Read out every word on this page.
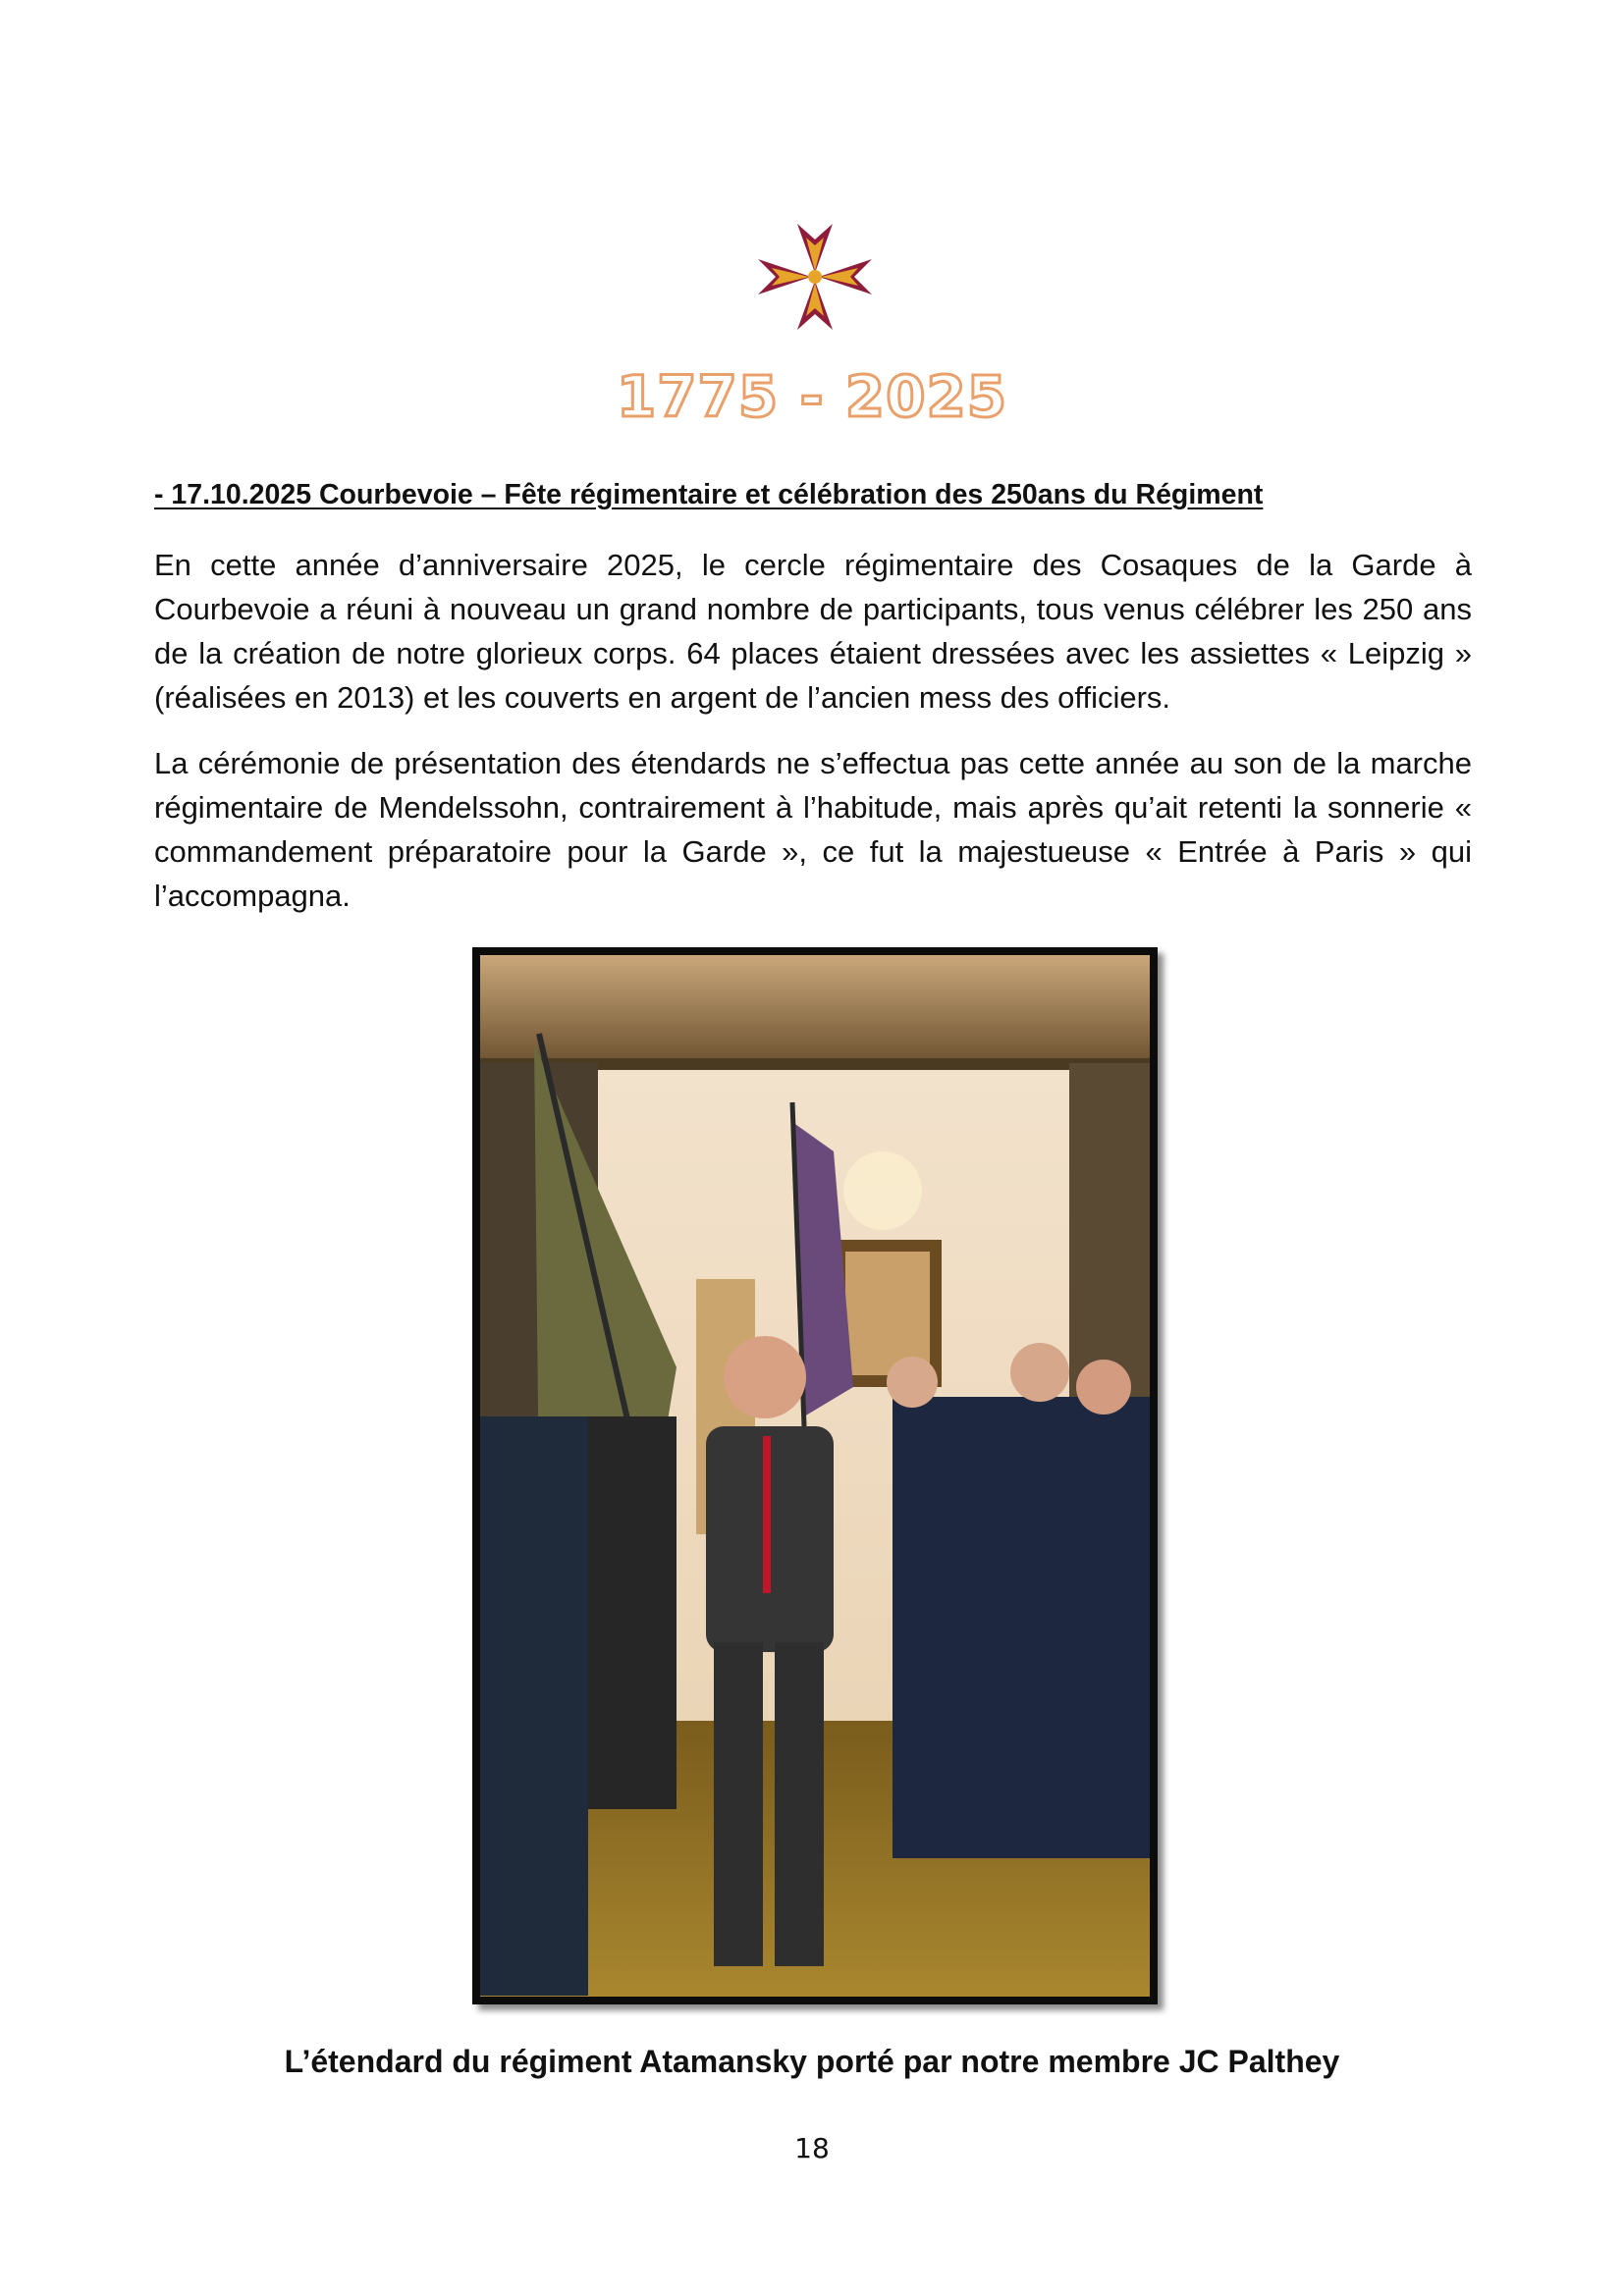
1775 - 2025
- 17.10.2025 Courbevoie – Fête régimentaire et célébration des 250ans du Régiment

En cette année d’anniversaire 2025, le cercle régimentaire des Cosaques de la Garde à Courbevoie a réuni à nouveau un grand nombre de participants, tous venus célébrer les 250 ans de la création de notre glorieux corps. 64 places étaient dressées avec les assiettes « Leipzig » (réalisées en 2013) et les couverts en argent de l’ancien mess des officiers.

La cérémonie de présentation des étendards ne s’effectua pas cette année au son de la marche régimentaire de Mendelssohn, contrairement à l’habitude, mais après qu’ait retenti la sonnerie « commandement préparatoire pour la Garde », ce fut la majestueuse « Entrée à Paris » qui l’accompagna.

L’étendard du régiment Atamansky porté par notre membre JC Palthey
18
